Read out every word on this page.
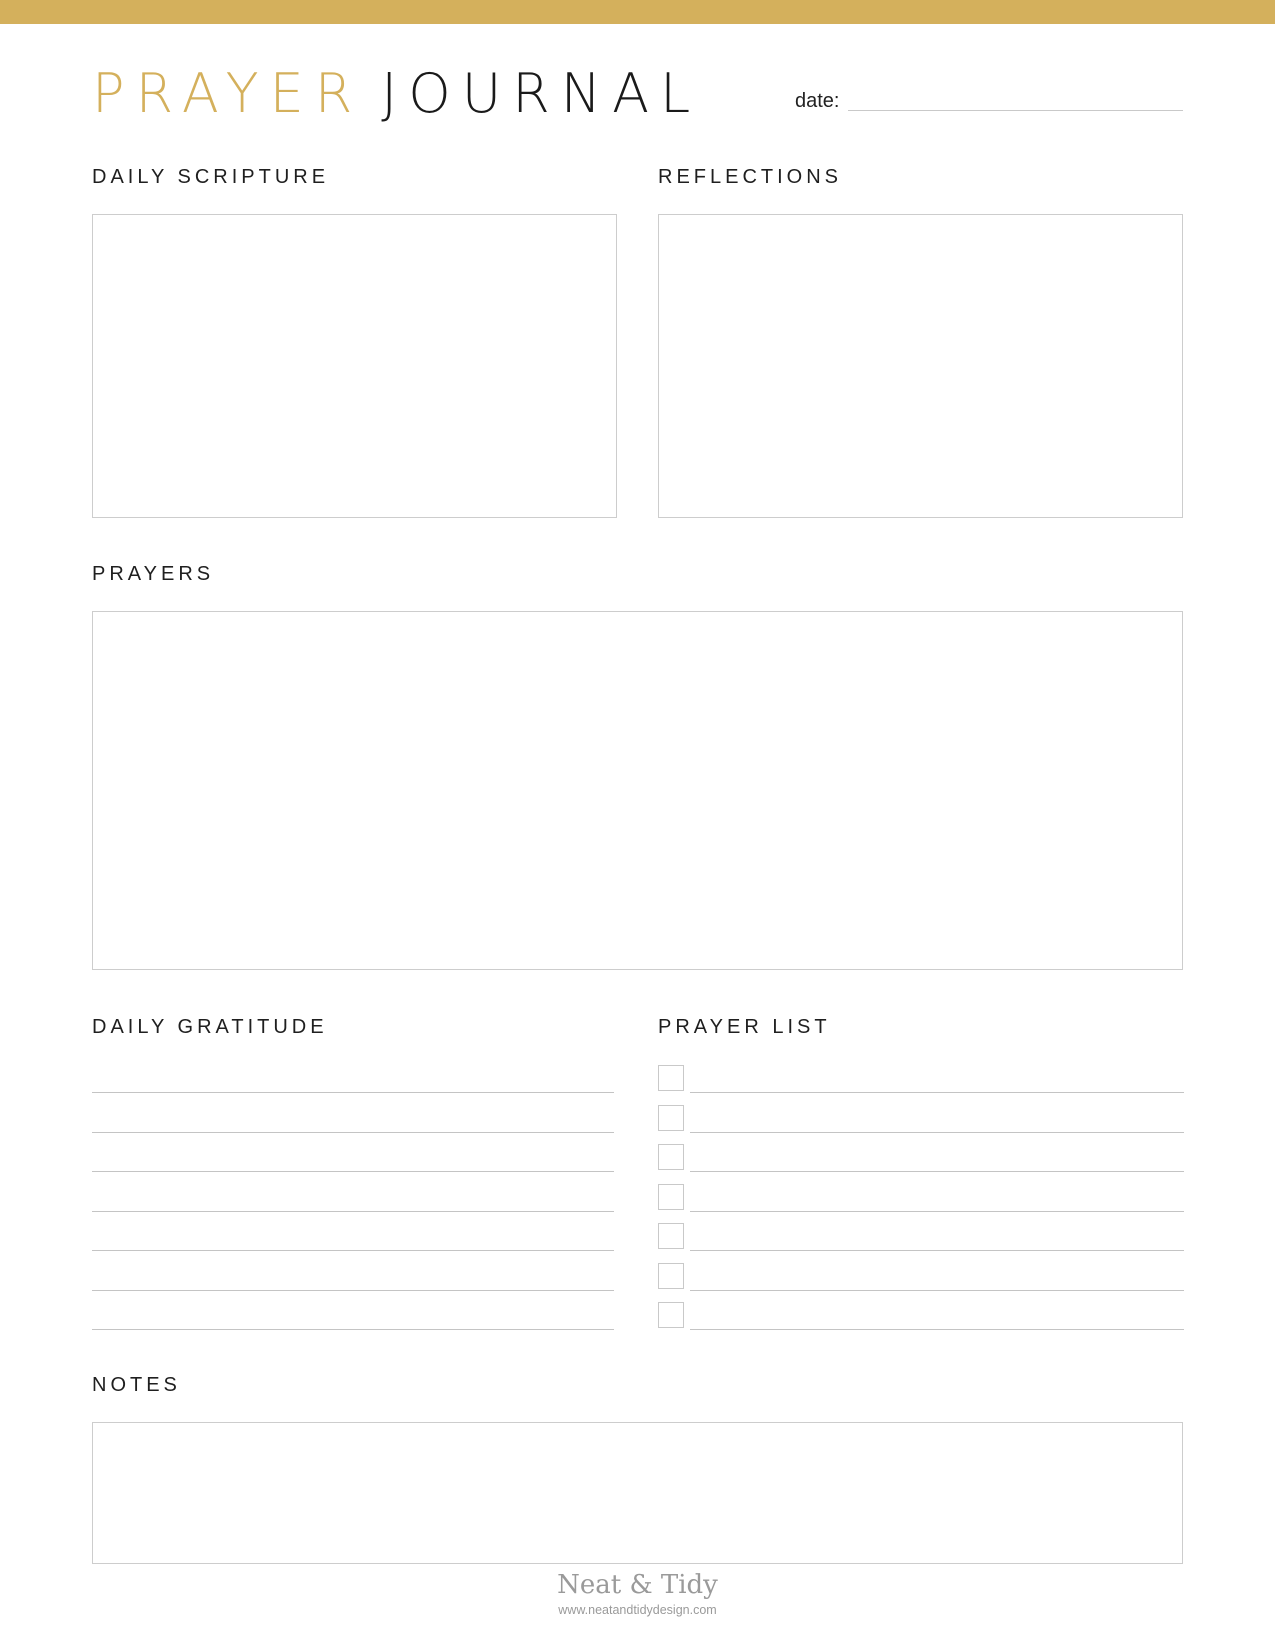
PRAYER JOURNAL	date:
DAILY SCRIPTURE	REFLECTIONS
PRAYERS
DAILY GRATITUDE	PRAYER LIST
NOTES
Neat & Tidy
www.neatandtidydesign.com
